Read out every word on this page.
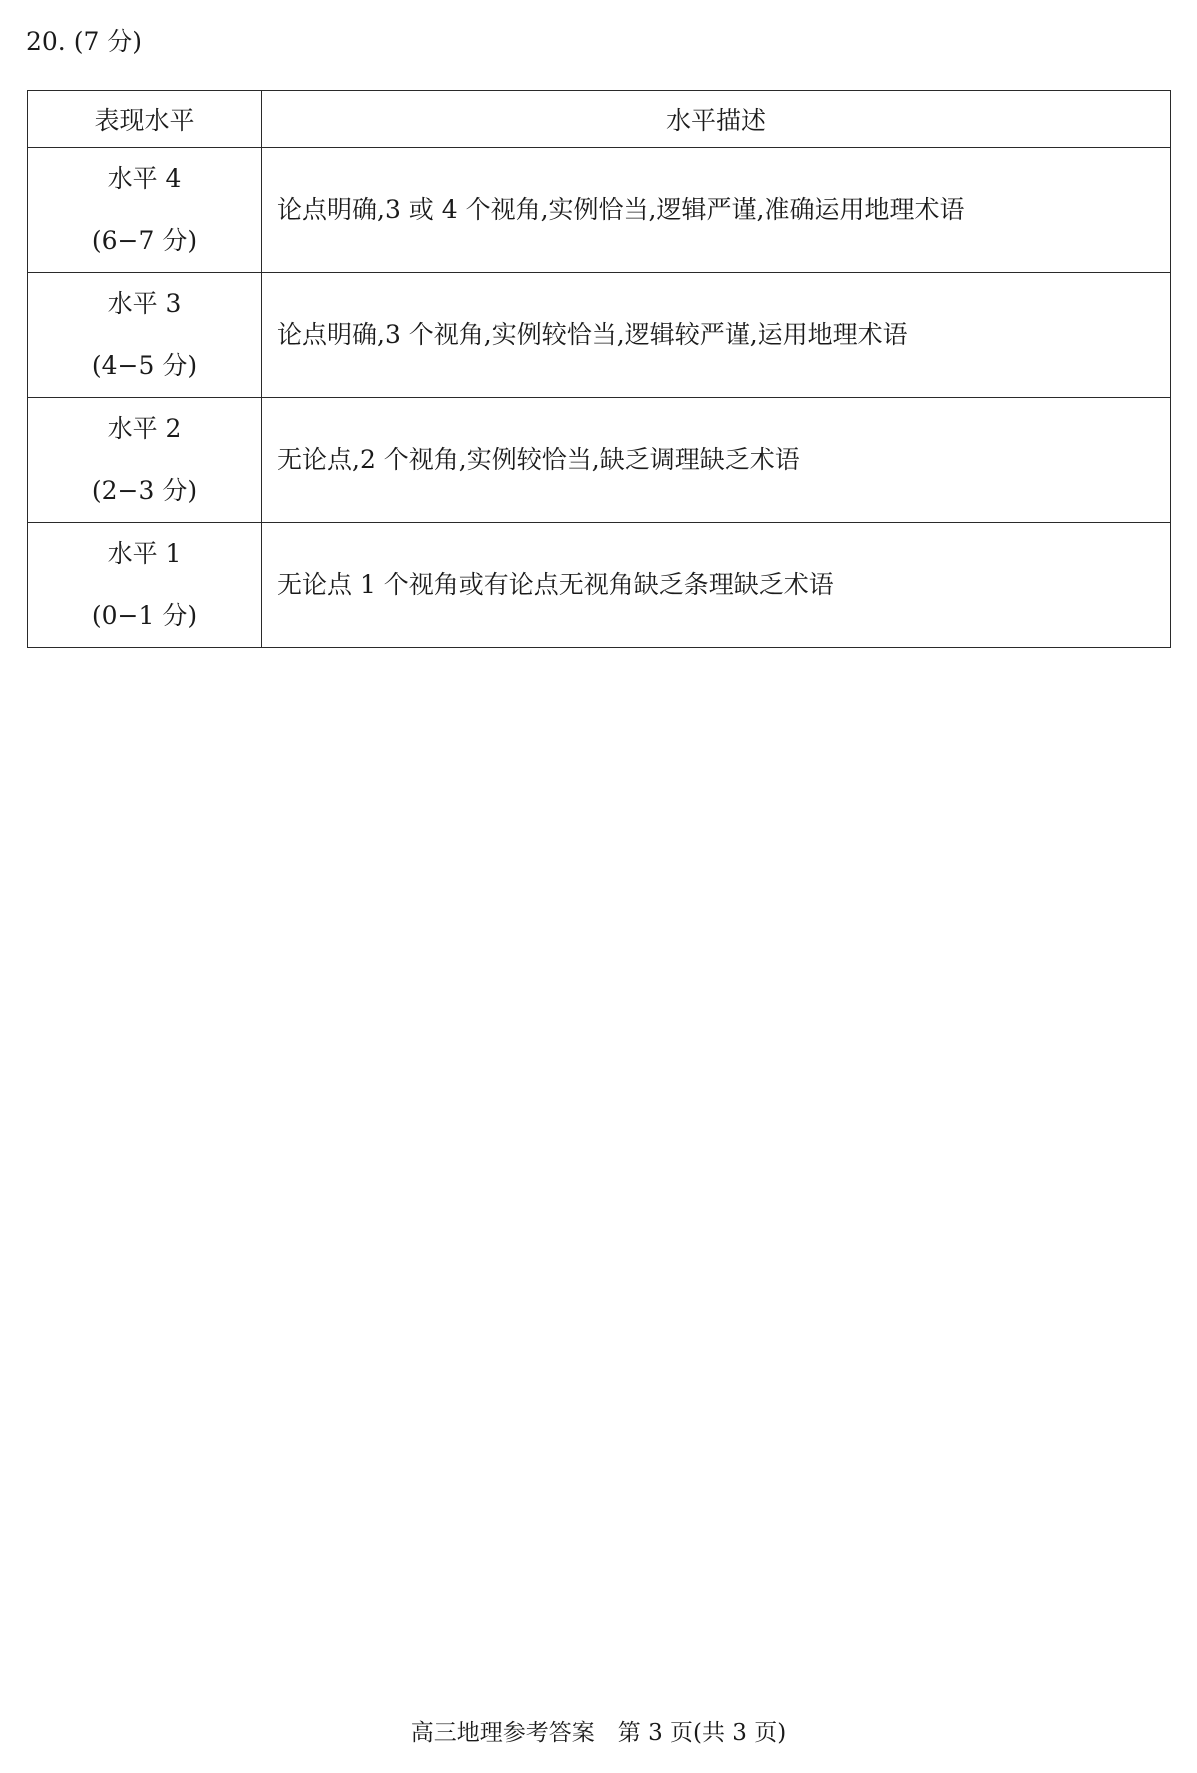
20. (7 分)
表现水平	水平描述

水平 4
(6−7 分)	论点明确,3 或 4 个视角,实例恰当,逻辑严谨,准确运用地理术语

水平 3
(4−5 分)	论点明确,3 个视角,实例较恰当,逻辑较严谨,运用地理术语

水平 2
(2−3 分)	无论点,2 个视角,实例较恰当,缺乏调理缺乏术语

水平 1
(0−1 分)	无论点 1 个视角或有论点无视角缺乏条理缺乏术语
高三地理参考答案　第 3 页(共 3 页)
